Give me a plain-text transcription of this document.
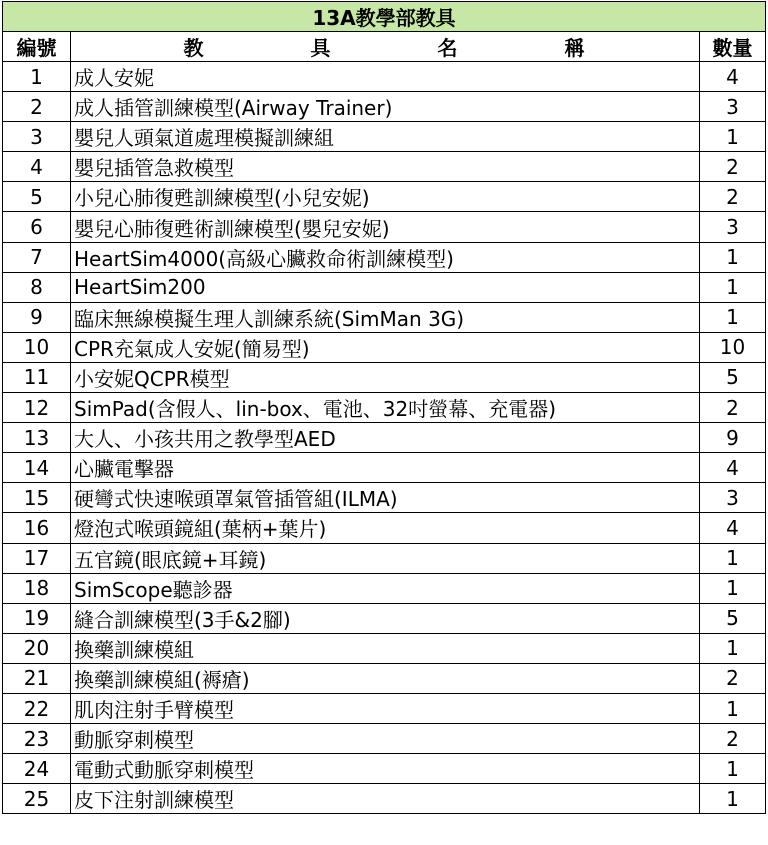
13A教學部教具		
編號	教 具 名 稱	數量
1	成人安妮	4
2	成人插管訓練模型(Airway Trainer)	3
3	嬰兒人頭氣道處理模擬訓練組	1
4	嬰兒插管急救模型	2
5	小兒心肺復甦訓練模型(小兒安妮)	2
6	嬰兒心肺復甦術訓練模型(嬰兒安妮)	3
7	HeartSim4000(高級心臟救命術訓練模型)	1
8	HeartSim200	1
9	臨床無線模擬生理人訓練系統(SimMan 3G)	1
10	CPR充氣成人安妮(簡易型)	10
11	小安妮QCPR模型	5
12	SimPad(含假人、lin-box、電池、32吋螢幕、充電器)	2
13	大人、小孩共用之教學型AED	9
14	心臟電擊器	4
15	硬彎式快速喉頭罩氣管插管組(ILMA)	3
16	燈泡式喉頭鏡組(葉柄+葉片)	4
17	五官鏡(眼底鏡+耳鏡)	1
18	SimScope聽診器	1
19	縫合訓練模型(3手&2腳)	5
20	換藥訓練模組	1
21	換藥訓練模組(褥瘡)	2
22	肌肉注射手臂模型	1
23	動脈穿刺模型	2
24	電動式動脈穿刺模型	1
25	皮下注射訓練模型	1
